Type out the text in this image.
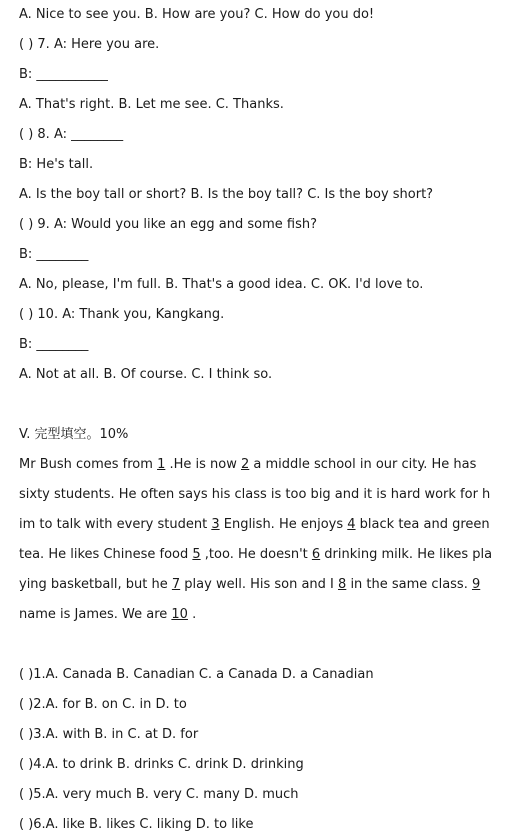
A. Nice to see you. B. How are you? C. How do you do!
( ) 7. A: Here you are.
B: ___________
A. That's right. B. Let me see. C. Thanks.
( ) 8. A: ________
B: He's tall.
A. Is the boy tall or short? B. Is the boy tall? C. Is the boy short?
( ) 9. A: Would you like an egg and some fish?
B: ________
A. No, please, I'm full. B. That's a good idea. C. OK. I'd love to.
( ) 10. A: Thank you, Kangkang.
B: ________
A. Not at all. B. Of course. C. I think so.
V. 完型填空。10%
Mr Bush comes from 1 .He is now 2 a middle school in our city. He has
sixty students. He often says his class is too big and it is hard work for h
im to talk with every student 3 English. He enjoys 4 black tea and green
tea. He likes Chinese food 5 ,too. He doesn't 6 drinking milk. He likes pla
ying basketball, but he 7 play well. His son and I 8 in the same class. 9
name is James. We are 10 .
( )1.A. Canada B. Canadian C. a Canada D. a Canadian
( )2.A. for B. on C. in D. to
( )3.A. with B. in C. at D. for
( )4.A. to drink B. drinks C. drink D. drinking
( )5.A. very much B. very C. many D. much
( )6.A. like B. likes C. liking D. to like
